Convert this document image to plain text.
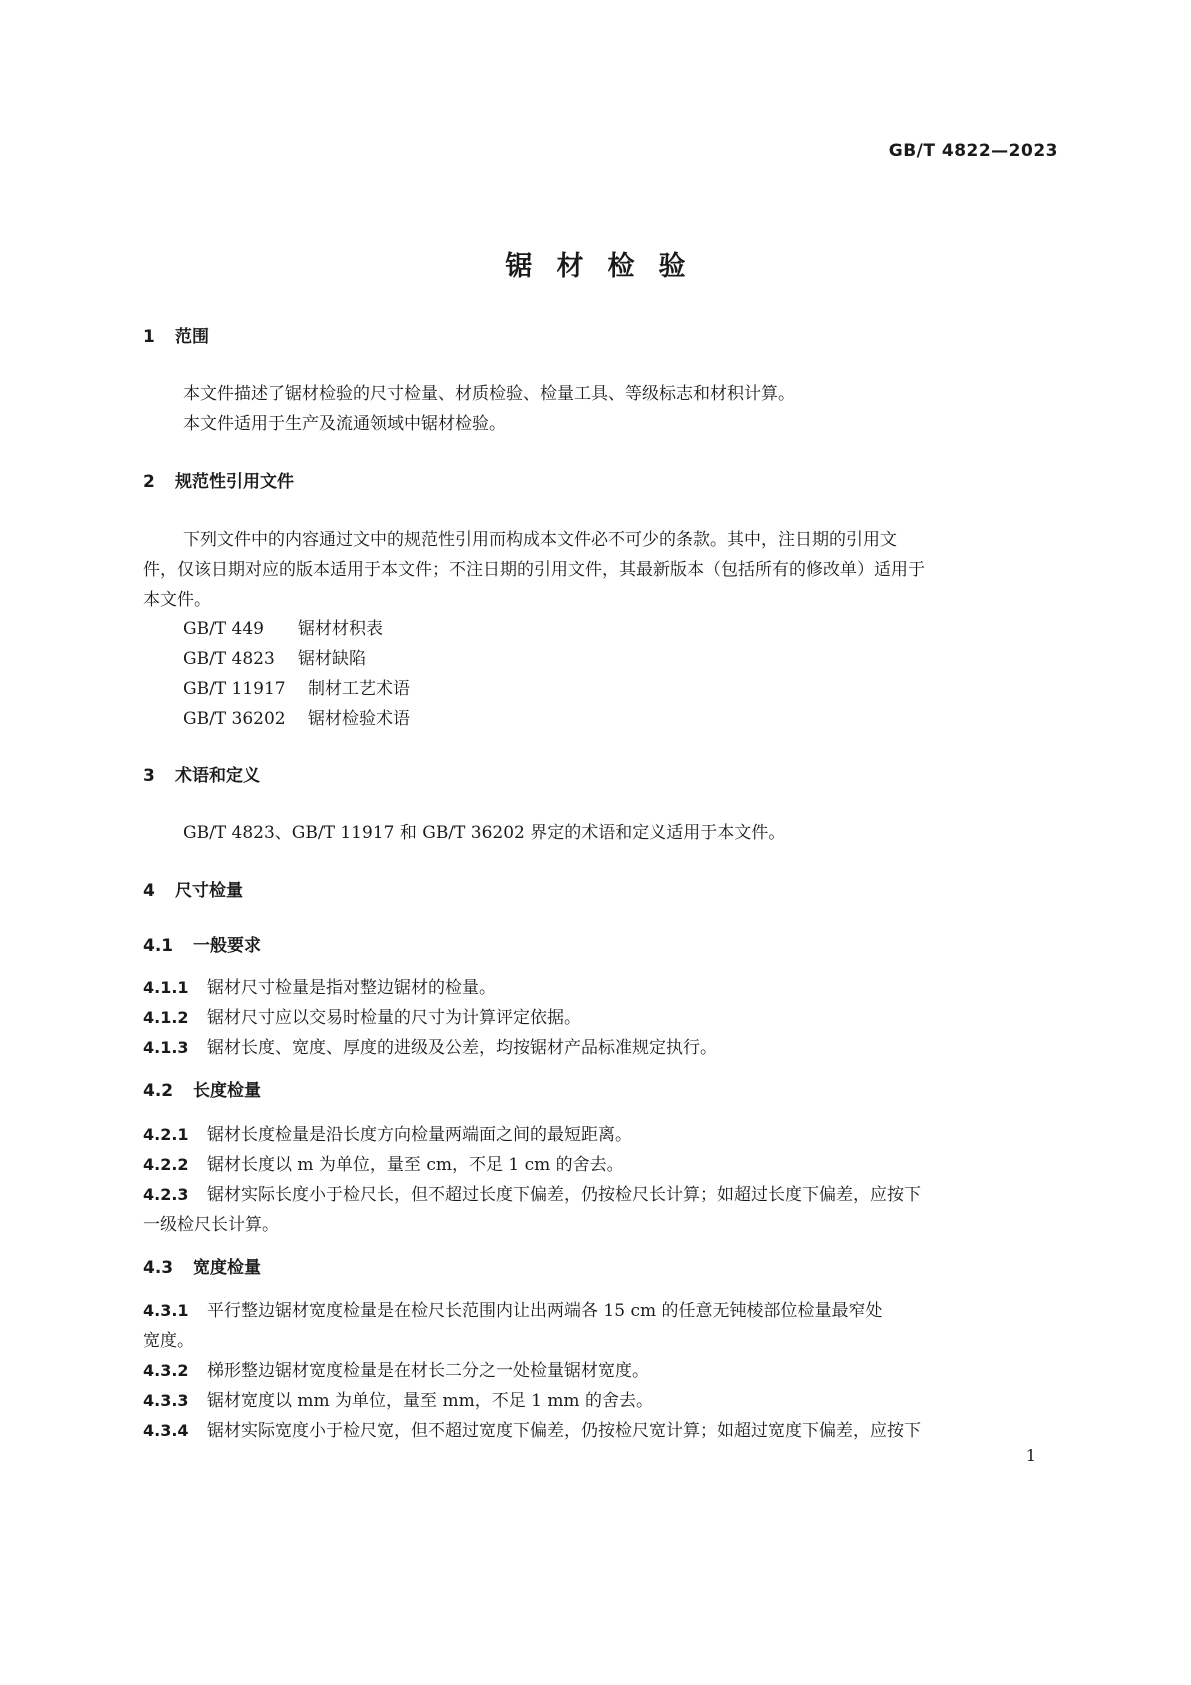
GB/T 4822—2023
锯材检验
1 范围
本文件描述了锯材检验的尺寸检量、材质检验、检量工具、等级标志和材积计算。
本文件适用于生产及流通领域中锯材检验。
2 规范性引用文件
下列文件中的内容通过文中的规范性引用而构成本文件必不可少的条款。其中，注日期的引用文
件，仅该日期对应的版本适用于本文件；不注日期的引用文件，其最新版本（包括所有的修改单）适用于
本文件。
GB/T 449 锯材材积表
GB/T 4823 锯材缺陷
GB/T 11917 制材工艺术语
GB/T 36202 锯材检验术语
3 术语和定义
GB/T 4823、GB/T 11917 和 GB/T 36202 界定的术语和定义适用于本文件。
4 尺寸检量
4.1 一般要求
4.1.1 锯材尺寸检量是指对整边锯材的检量。
4.1.2 锯材尺寸应以交易时检量的尺寸为计算评定依据。
4.1.3 锯材长度、宽度、厚度的进级及公差，均按锯材产品标准规定执行。
4.2 长度检量
4.2.1 锯材长度检量是沿长度方向检量两端面之间的最短距离。
4.2.2 锯材长度以 m 为单位，量至 cm，不足 1 cm 的舍去。
4.2.3 锯材实际长度小于检尺长，但不超过长度下偏差，仍按检尺长计算；如超过长度下偏差，应按下
一级检尺长计算。
4.3 宽度检量
4.3.1 平行整边锯材宽度检量是在检尺长范围内让出两端各 15 cm 的任意无钝棱部位检量最窄处
宽度。
4.3.2 梯形整边锯材宽度检量是在材长二分之一处检量锯材宽度。
4.3.3 锯材宽度以 mm 为单位，量至 mm，不足 1 mm 的舍去。
4.3.4 锯材实际宽度小于检尺宽，但不超过宽度下偏差，仍按检尺宽计算；如超过宽度下偏差，应按下
1
